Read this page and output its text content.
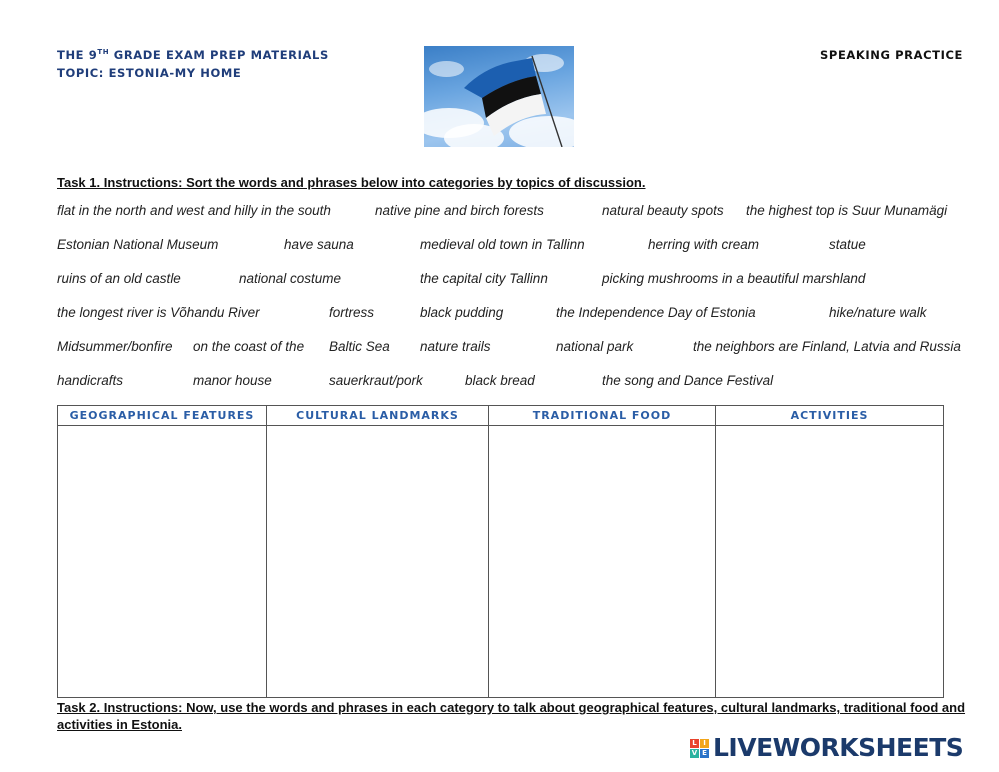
THE 9TH GRADE EXAM PREP MATERIALS
TOPIC: ESTONIA-MY HOME
SPEAKING PRACTICE
Task 1. Instructions: Sort the words and phrases below into categories by topics of discussion.
flat in the north and west and hilly in the south	native pine and birch forests	natural beauty spots the highest top is Suur Munamägi
Estonian National Museum	have sauna	medieval old town in Tallinn	herring with cream	statue
ruins of an old castle	national costume	the capital city Tallinn	picking mushrooms in a beautiful marshland
the longest river is Võhandu River	fortress	black pudding	the Independence Day of Estonia	hike/nature walk
Midsummer/bonfire on the coast of the Baltic Sea nature trails	national park	the neighbors are Finland, Latvia and Russia
handicrafts	manor house	sauerkraut/pork	black bread	the song and Dance Festival
GEOGRAPHICAL FEATURES	CULTURAL LANDMARKS	TRADITIONAL FOOD	ACTIVITIES

Task 2. Instructions: Now, use the words and phrases in each category to talk about geographical features, cultural landmarks, traditional food and activities in Estonia.
L I
V E LIVEWORKSHEETS
